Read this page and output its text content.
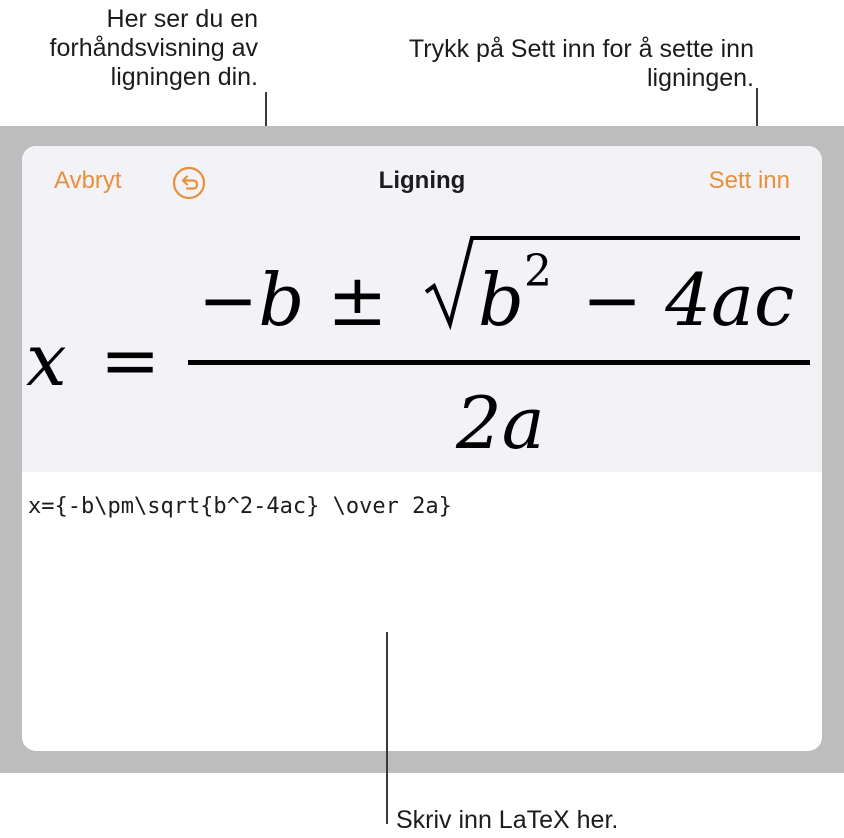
Her ser du en forhåndsvisning av ligningen din.
Trykk på Sett inn for å sette inn ligningen.
Avbryt	Ligning	Sett inn
x =
−b ± b 2 − 4ac
2a
x={-b\pm\sqrt{b^2-4ac} \over 2a}
Skriv inn LaTeX her.
